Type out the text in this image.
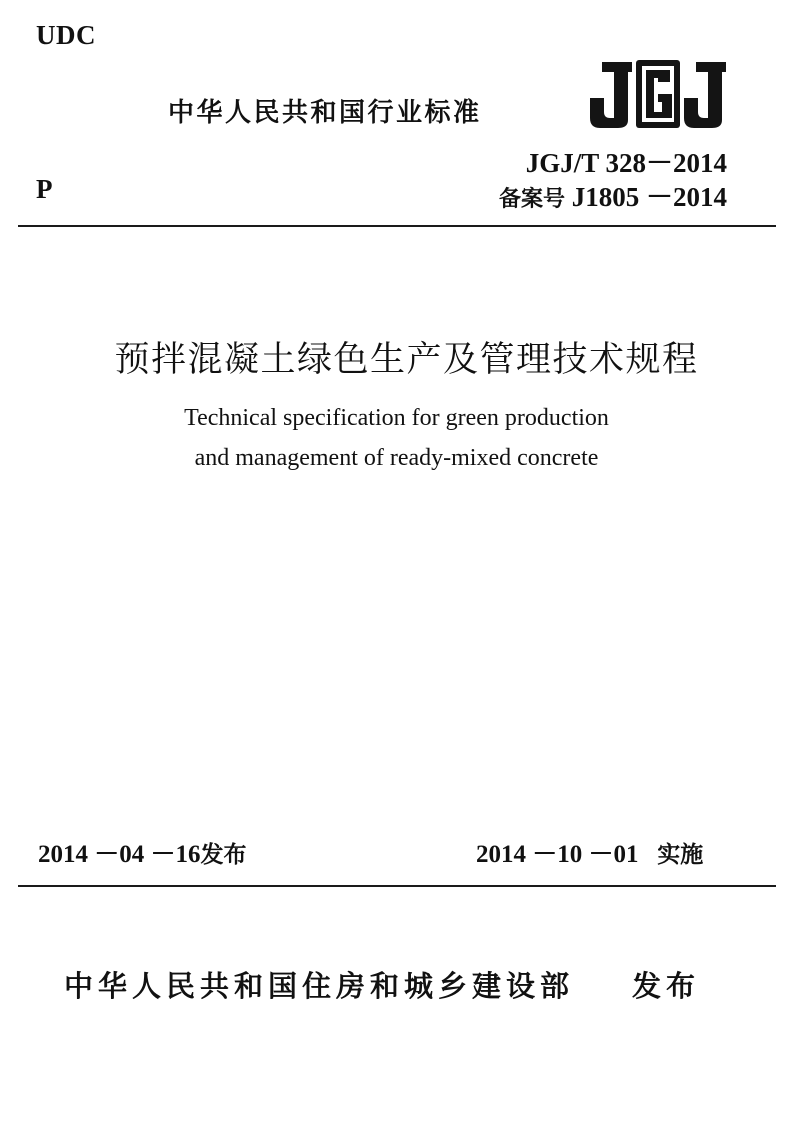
UDC
中华人民共和国行业标准
P
JGJ/T 328－2014
备案号 J1805 －2014
预拌混凝土绿色生产及管理技术规程
Technical specification for green production
and management of ready-mixed concrete
2014 －04 －16发布	2014 －10 －01 实施
中华人民共和国住房和城乡建设部 发布
